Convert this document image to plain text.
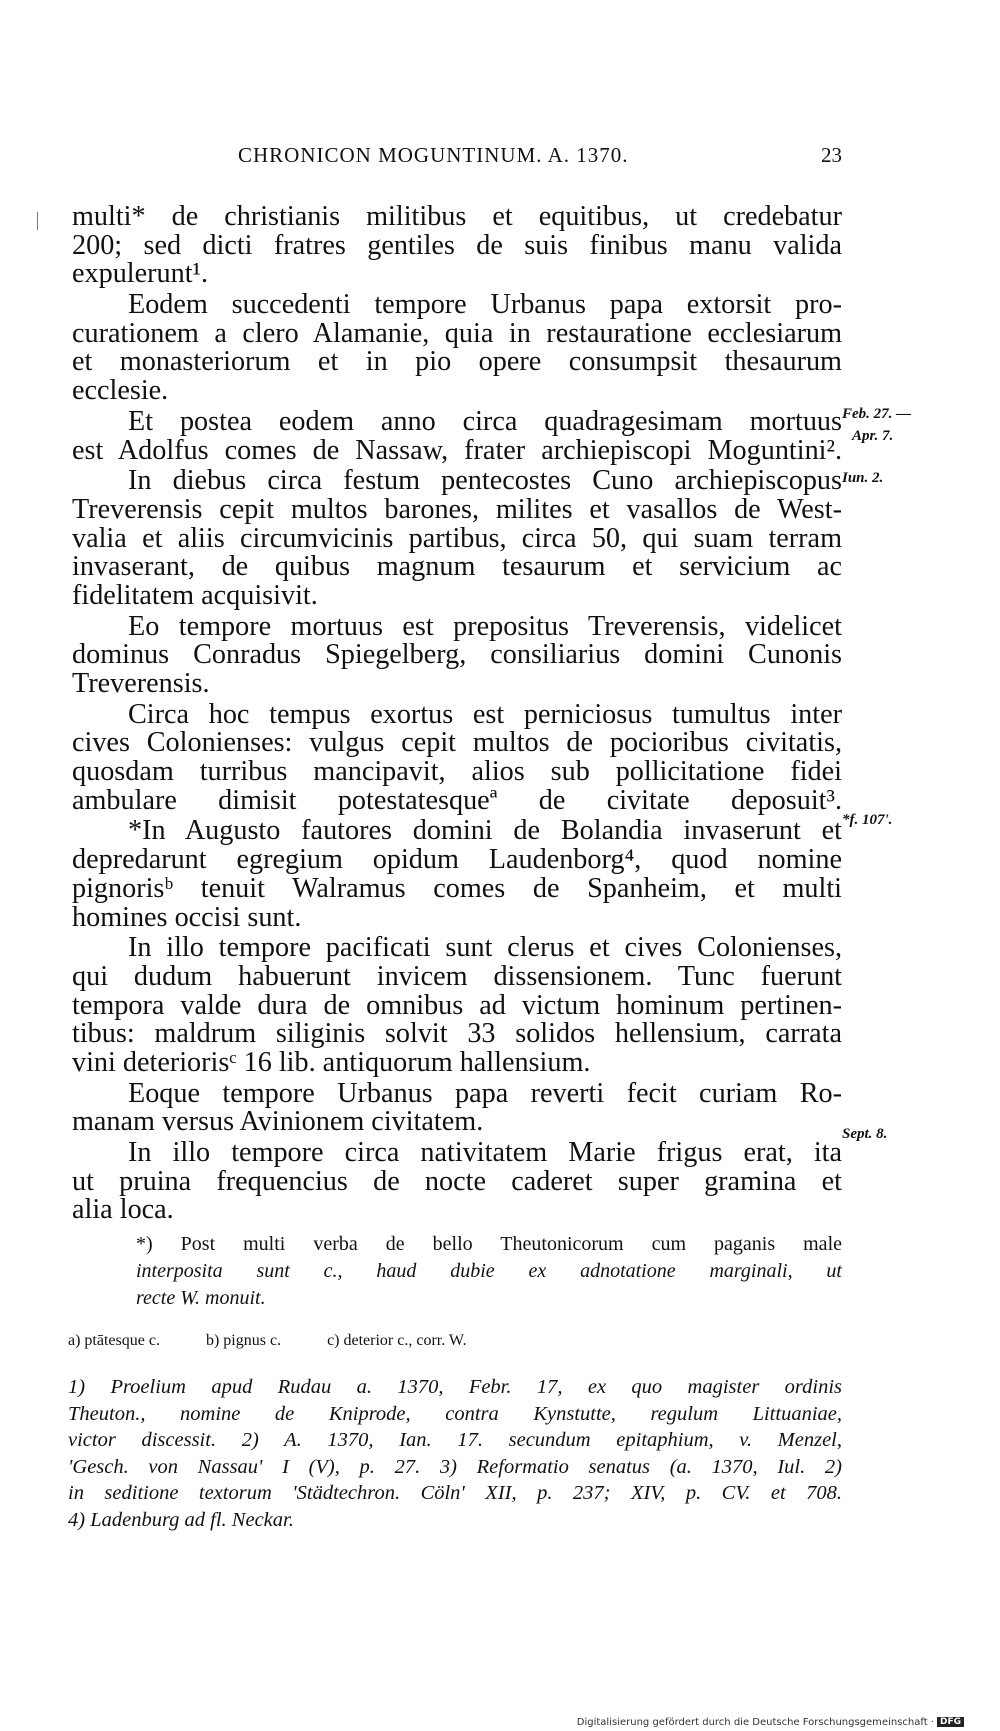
CHRONICON MOGUNTINUM. A. 1370.	23
multi* de christianis militibus et equitibus, ut credebatur
200; sed dicti fratres gentiles de suis finibus manu valida
expulerunt¹.
Eodem succedenti tempore Urbanus papa extorsit pro-
curationem a clero Alamanie, quia in restauratione ecclesiarum
et monasteriorum et in pio opere consumpsit thesaurum
ecclesie.
Et postea eodem anno circa quadragesimam mortuus
est Adolfus comes de Nassaw, frater archiepiscopi Moguntini².
In diebus circa festum pentecostes Cuno archiepiscopus
Treverensis cepit multos barones, milites et vasallos de West-
valia et aliis circumvicinis partibus, circa 50, qui suam terram
invaserant, de quibus magnum tesaurum et servicium ac
fidelitatem acquisivit.
Eo tempore mortuus est prepositus Treverensis, videlicet
dominus Conradus Spiegelberg, consiliarius domini Cunonis
Treverensis.
Circa hoc tempus exortus est perniciosus tumultus inter
cives Colonienses: vulgus cepit multos de pocioribus civitatis,
quosdam turribus mancipavit, alios sub pollicitatione fidei
ambulare dimisit potestatesqueª de civitate deposuit³.
*In Augusto fautores domini de Bolandia invaserunt et
depredarunt egregium opidum Laudenborg⁴, quod nomine
pignorisᵇ tenuit Walramus comes de Spanheim, et multi
homines occisi sunt.
In illo tempore pacificati sunt clerus et cives Colonienses,
qui dudum habuerunt invicem dissensionem. Tunc fuerunt
tempora valde dura de omnibus ad victum hominum pertinen-
tibus: maldrum siliginis solvit 33 solidos hellensium, carrata
vini deteriorisᶜ 16 lib. antiquorum hallensium.
Eoque tempore Urbanus papa reverti fecit curiam Ro-
manam versus Avinionem civitatem.
In illo tempore circa nativitatem Marie frigus erat, ita
ut pruina frequencius de nocte caderet super gramina et
alia loca.
Feb. 27. —
Apr. 7.
Iun. 2.
*f. 107'.
Sept. 8.
*) Post multi verba de bello Theutonicorum cum paganis male
interposita sunt c., haud dubie ex adnotatione marginali, ut
recte W. monuit.
a) ptātesque c.	b) pignus c.	c) deterior c., corr. W.
1) Proelium apud Rudau a. 1370, Febr. 17, ex quo magister ordinis
Theuton., nomine de Kniprode, contra Kynstutte, regulum Littuaniae,
victor discessit. 2) A. 1370, Ian. 17. secundum epitaphium, v. Menzel,
'Gesch. von Nassau' I (V), p. 27. 3) Reformatio senatus (a. 1370, Iul. 2)
in seditione textorum 'Städtechron. Cöln' XII, p. 237; XIV, p. CV. et 708.
4) Ladenburg ad fl. Neckar.
Digitalisierung gefördert durch die Deutsche Forschungsgemeinschaft · DFG
